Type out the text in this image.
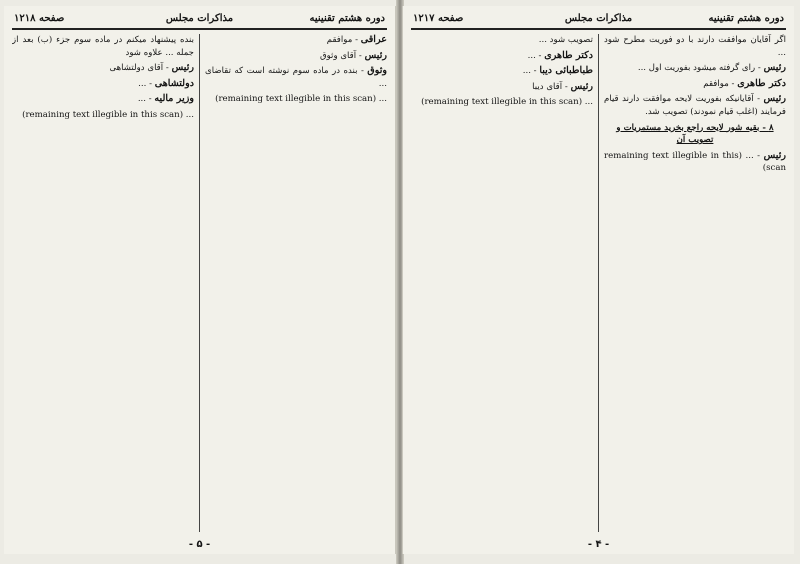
صفحه ۱۲۱۸	مذاکرات مجلس	دوره هشتم تقنینیه

عراقی - موافقم

رئیس - آقای وثوق

وثوق - بنده در ماده سوم نوشته است که تقاضای ...

... (remaining text illegible in this scan)

بنده پیشنهاد میکنم در ماده سوم جزء (ب) بعد از جمله ... علاوه شود

رئیس - آقای دولتشاهی

دولتشاهی - ...

وزیر مالیه - ...

... (remaining text illegible in this scan)

- ۵ -
صفحه ۱۲۱۷	مذاکرات مجلس	دوره هشتم تقنینیه

اگر آقایان موافقت دارند با دو فوریت مطرح شود ...

رئیس - رای گرفته میشود بفوریت اول ...

دکتر طاهری - موافقم

رئیس - آقایانیکه بفوریت لایحه موافقت دارند قیام فرمایند (اغلب قیام نمودند) تصویب شد.

۸ - بقیه شور لایحه راجع بخرید مستمریات و تصویب آن

رئیس - ... (remaining text illegible in this scan)

تصویب شود ...

دکتر طاهری - ...

طباطبائی دیبا - ...

رئیس - آقای دیبا

... (remaining text illegible in this scan)

- ۴ -
